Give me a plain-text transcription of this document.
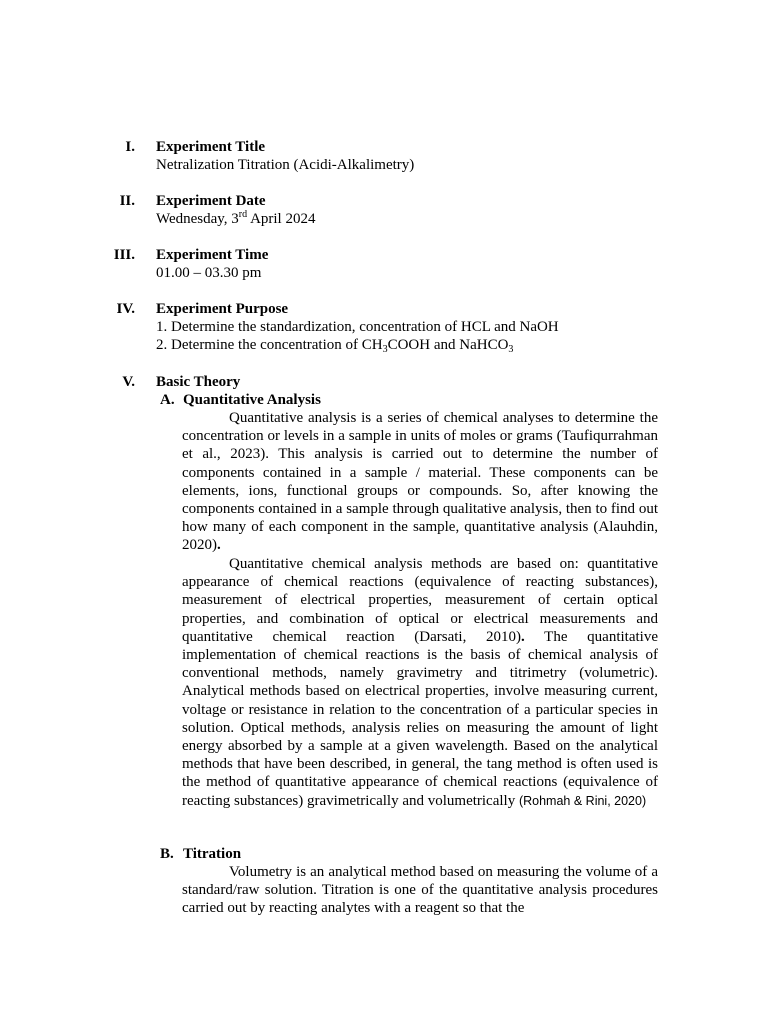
I. Experiment Title
Netralization Titration (Acidi-Alkalimetry)
II. Experiment Date
Wednesday, 3rd April 2024
III. Experiment Time
01.00 – 03.30 pm
IV. Experiment Purpose
1. Determine the standardization, concentration of HCL and NaOH
2. Determine the concentration of $CH_3COOH$ and NaHCO$_3$
V. Basic Theory
A. Quantitative Analysis

Quantitative analysis is a series of chemical analyses to determine the concentration or levels in a sample in units of moles or grams (Taufiqurrahman et al., 2023). This analysis is carried out to determine the number of components contained in a sample / material. These components can be elements, ions, functional groups or compounds. So, after knowing the components contained in a sample through qualitative analysis, then to find out how many of each component in the sample, quantitative analysis (Alauhdin, 2020).

Quantitative chemical analysis methods are based on: quantitative appearance of chemical reactions (equivalence of reacting substances), measurement of electrical properties, measurement of certain optical properties, and combination of optical or electrical measurements and quantitative chemical reaction (Darsati, 2010). The quantitative implementation of chemical reactions is the basis of chemical analysis of conventional methods, namely gravimetry and titrimetry (volumetric). Analytical methods based on electrical properties, involve measuring current, voltage or resistance in relation to the concentration of a particular species in solution. Optical methods, analysis relies on measuring the amount of light energy absorbed by a sample at a given wavelength. Based on the analytical methods that have been described, in general, the tang method is often used is the method of quantitative appearance of chemical reactions (equivalence of reacting substances) gravimetrically and volumetrically (Rohmah & Rini, 2020)

B. Titration

Volumetry is an analytical method based on measuring the volume of a standard/raw solution. Titration is one of the quantitative analysis procedures carried out by reacting analytes with a reagent so that the
